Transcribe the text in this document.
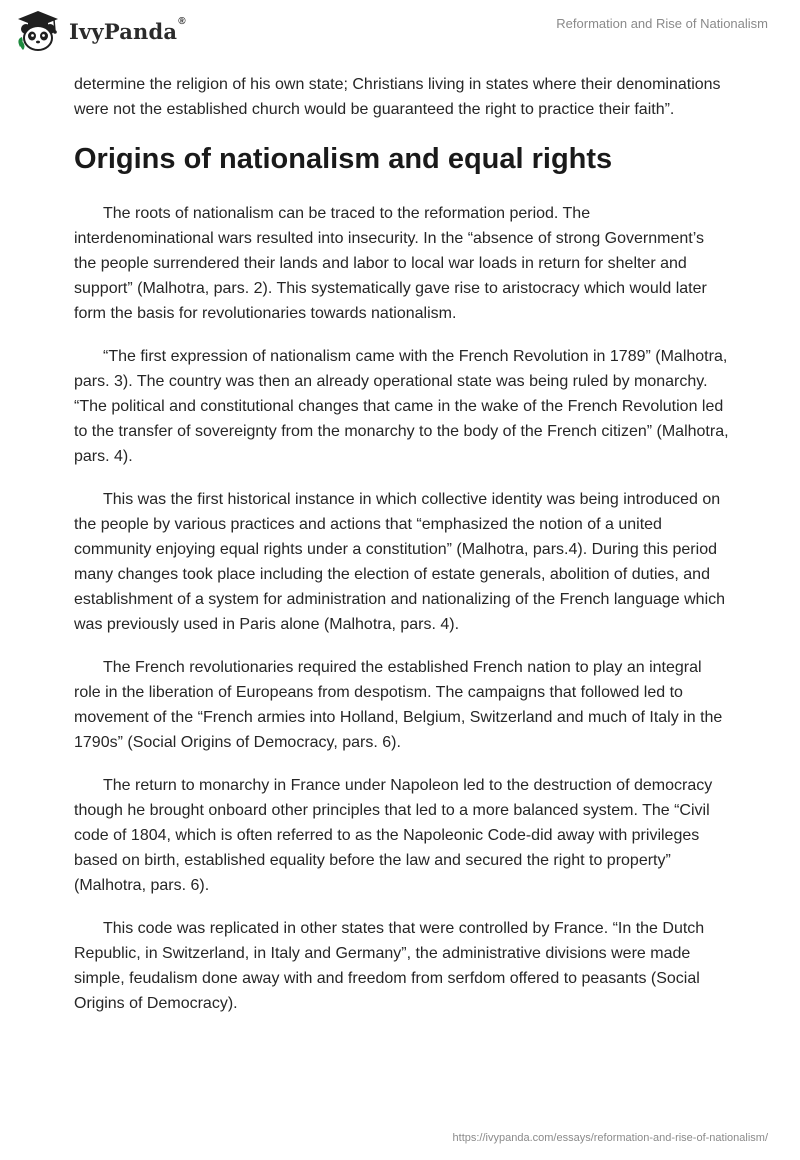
IvyPanda®	Reformation and Rise of Nationalism

determine the religion of his own state; Christians living in states where their denominations were not the established church would be guaranteed the right to practice their faith”.

Origins of nationalism and equal rights

The roots of nationalism can be traced to the reformation period. The interdenominational wars resulted into insecurity. In the “absence of strong Government’s the people surrendered their lands and labor to local war loads in return for shelter and support” (Malhotra, pars. 2). This systematically gave rise to aristocracy which would later form the basis for revolutionaries towards nationalism.

“The first expression of nationalism came with the French Revolution in 1789” (Malhotra, pars. 3). The country was then an already operational state was being ruled by monarchy. “The political and constitutional changes that came in the wake of the French Revolution led to the transfer of sovereignty from the monarchy to the body of the French citizen” (Malhotra, pars. 4).

This was the first historical instance in which collective identity was being introduced on the people by various practices and actions that “emphasized the notion of a united community enjoying equal rights under a constitution” (Malhotra, pars.4). During this period many changes took place including the election of estate generals, abolition of duties, and establishment of a system for administration and nationalizing of the French language which was previously used in Paris alone (Malhotra, pars. 4).

The French revolutionaries required the established French nation to play an integral role in the liberation of Europeans from despotism. The campaigns that followed led to movement of the “French armies into Holland, Belgium, Switzerland and much of Italy in the 1790s” (Social Origins of Democracy, pars. 6).

The return to monarchy in France under Napoleon led to the destruction of democracy though he brought onboard other principles that led to a more balanced system. The “Civil code of 1804, which is often referred to as the Napoleonic Code-did away with privileges based on birth, established equality before the law and secured the right to property” (Malhotra, pars. 6).

This code was replicated in other states that were controlled by France. “In the Dutch Republic, in Switzerland, in Italy and Germany”, the administrative divisions were made simple, feudalism done away with and freedom from serfdom offered to peasants (Social Origins of Democracy).

https://ivypanda.com/essays/reformation-and-rise-of-nationalism/
